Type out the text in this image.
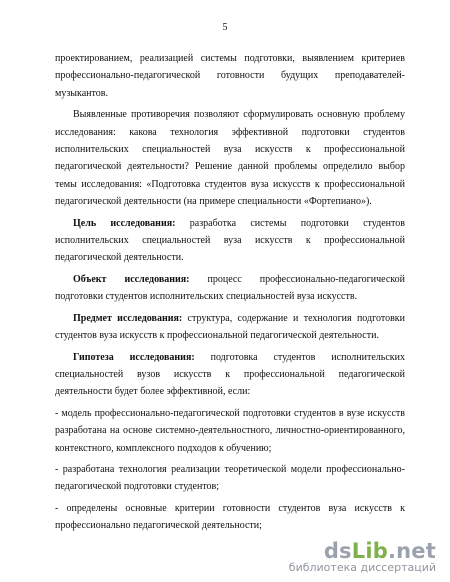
5

проектированием, реализацией системы подготовки, выявлением критериев профессионально-педагогической готовности будущих преподавателей-музыкантов.

Выявленные противоречия позволяют сформулировать основную проблему исследования: какова технология эффективной подготовки студентов исполнительских специальностей вуза искусств к профессиональной педагогической деятельности? Решение данной проблемы определило выбор темы исследования: «Подготовка студентов вуза искусств к профессиональной педагогической деятельности (на примере специальности «Фортепиано»).

Цель исследования: разработка системы подготовки студентов исполнительских специальностей вуза искусств к профессиональной педагогической деятельности.

Объект исследования: процесс профессионально-педагогической подготовки студентов исполнительских специальностей вуза искусств.

Предмет исследования: структура, содержание и технология подготовки студентов вуза искусств к профессиональной педагогической деятельности.

Гипотеза исследования: подготовка студентов исполнительских специальностей вузов искусств к профессиональной педагогической деятельности будет более эффективной, если:

- модель профессионально-педагогической подготовки студентов в вузе искусств разработана на основе системно-деятельностного, личностно-ориентированного, контекстного, комплексного подходов к обучению;

- разработана технология реализации теоретической модели профессионально-педагогической подготовки студентов;

- определены основные критерии готовности студентов вуза искусств к профессионально педагогической деятельности;

dsLib.net
библиотека диссертаций
